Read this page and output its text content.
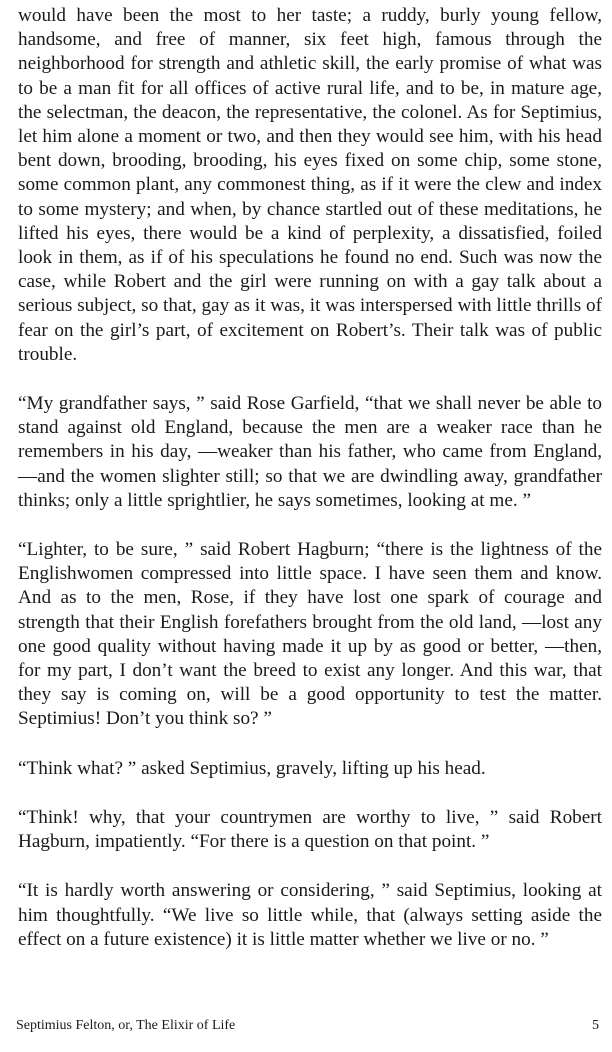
would have been the most to her taste; a ruddy, burly young fellow, handsome, and free of manner, six feet high, famous through the neighborhood for strength and athletic skill, the early promise of what was to be a man fit for all offices of active rural life, and to be, in mature age, the selectman, the deacon, the representative, the colonel. As for Septimius, let him alone a moment or two, and then they would see him, with his head bent down, brooding, brooding, his eyes fixed on some chip, some stone, some common plant, any commonest thing, as if it were the clew and index to some mystery; and when, by chance startled out of these meditations, he lifted his eyes, there would be a kind of perplexity, a dissatisfied, foiled look in them, as if of his speculations he found no end. Such was now the case, while Robert and the girl were running on with a gay talk about a serious subject, so that, gay as it was, it was interspersed with little thrills of fear on the girl’s part, of excitement on Robert’s. Their talk was of public trouble.

“My grandfather says, ” said Rose Garfield, “that we shall never be able to stand against old England, because the men are a weaker race than he remembers in his day, —weaker than his father, who came from England, —and the women slighter still; so that we are dwindling away, grandfather thinks; only a little sprightlier, he says sometimes, looking at me. ”

“Lighter, to be sure, ” said Robert Hagburn; “there is the lightness of the Englishwomen compressed into little space. I have seen them and know. And as to the men, Rose, if they have lost one spark of courage and strength that their English forefathers brought from the old land, —lost any one good quality without having made it up by as good or better, —then, for my part, I don’t want the breed to exist any longer. And this war, that they say is coming on, will be a good opportunity to test the matter. Septimius! Don’t you think so? ”

“Think what? ” asked Septimius, gravely, lifting up his head.

“Think! why, that your countrymen are worthy to live, ” said Robert Hagburn, impatiently. “For there is a question on that point. ”

“It is hardly worth answering or considering, ” said Septimius, looking at him thoughtfully. “We live so little while, that (always setting aside the effect on a future existence) it is little matter whether we live or no. ”

Septimius Felton, or, The Elixir of Life	5
